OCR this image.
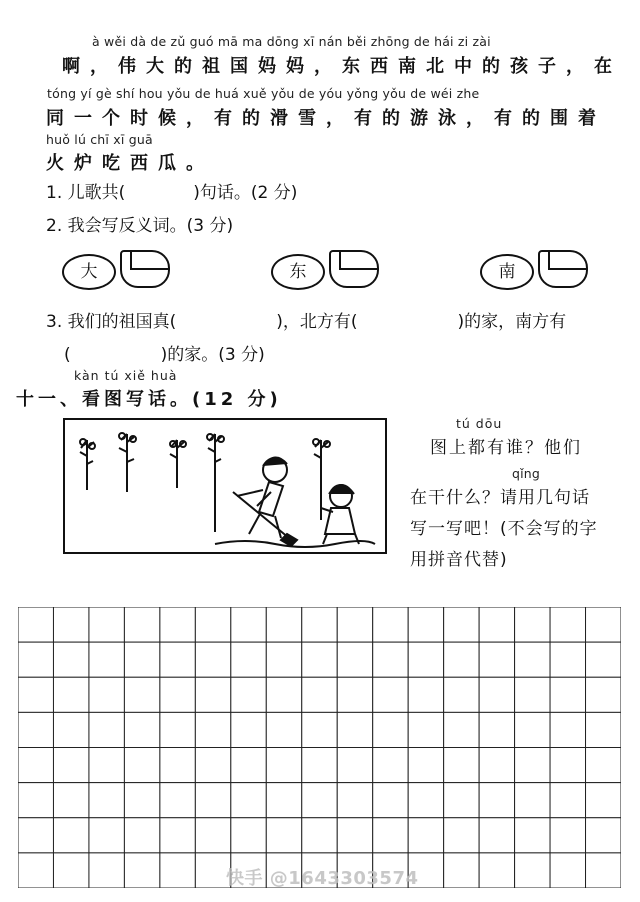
à wěi dà de zǔ guó mā ma dōng xī nán běi zhōng de hái zi zài
啊，伟大的祖国妈妈，东西南北中的孩子，在
tóng yí gè shí hou yǒu de huá xuě yǒu de yóu yǒng yǒu de wéi zhe
同一个时候，有的滑雪，有的游泳，有的围着
huǒ lú chī xī guā
火炉吃西瓜。
1. 儿歌共(	)句话。(2 分)
2. 我会写反义词。(3 分)
大	东	南
3. 我们的祖国真(	)，北方有(	)的家，南方有
(	)的家。(3 分)
kàn tú xiě huà
十一、看图写话。(12 分)
tú dōu
图上都有谁？他们
qǐng
在干什么？请用几句话
写一写吧！(不会写的字
用拼音代替)
快手 @1643303574
